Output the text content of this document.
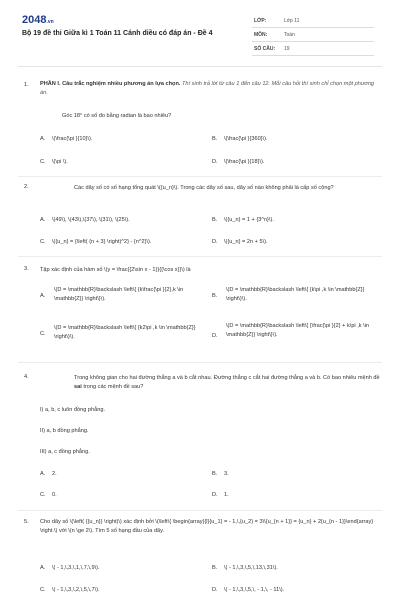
2048.vn
Bộ 19 đề thi Giữa kì 1 Toán 11 Cánh diều có đáp án - Đề 4
LỚP:	Lớp 11
MÔN:	Toán
SỐ CÂU: 19
1. PHẦN I. Câu trắc nghiệm nhiều phương án lựa chọn. Thí sinh trả lời từ câu 1 đến câu 12. Mỗi câu hỏi thí sinh chỉ chọn một phương án.
Góc 18° có số đo bằng radian là bao nhiêu?
A. \(\frac{\pi }{10}\).	B. \(\frac{\pi }{360}\).
C. \(\pi \).	D. \(\frac{\pi }{18}\).
2.	Các dãy số có số hạng tổng quát \({u_n}\). Trong các dãy số sau, dãy số nào không phải là cấp số cộng?
A. \(49\), \(43\),\(37\), \(31\), \(25\).	B. \({u_n} = 1 + {3^n}\).
C. \({u_n} = {\left( {n + 3} \right)^2} - {n^2}\).	D. \({u_n} = 2n + 5\).
3. Tập xác định của hàm số \(y = \frac{{2\sin x - 1}}{{\cos x}}\) là
A.
\(D = \mathbb{R}\backslash \left\{ {k\frac{\pi }{2},k \in \mathbb{Z}} \right\}\).	B.
\(D = \mathbb{R}\backslash \left\{ {k\pi ,k \in \mathbb{Z}} \right\}\).
C.
\(D = \mathbb{R}\backslash \left\{ {k2\pi ,k \in \mathbb{Z}} \right\}\).	D.
\(D = \mathbb{R}\backslash \left\{ {\frac{\pi }{2} + k\pi ,k \in \mathbb{Z}} \right\}\).
4.	Trong không gian cho hai đường thẳng a và b cắt nhau. Đường thẳng c cắt hai đường thẳng a và b. Có bao nhiêu mệnh đề sai trong các mệnh đề sau?
I) a, b, c luôn đồng phẳng.
II) a, b đồng phẳng.
III) a, c đồng phẳng.
A. 2.	B. 3.
C. 0.	D. 1.
5. Cho dãy số \(\left( {{u_n}} \right)\) xác định bởi \(\left\{ \begin{array}{l}{u_1} = - 1,\,{u_2} = 3\\{u_{n + 1}} = {u_n} + 2{u_{n - 1}}\end{array} \right.\) với \(n \ge 2\). Tìm 5 số hạng đầu của dãy.
A. \( - 1,\,3,\,1,\,7,\,9\).	B. \( - 1,\,3,\,5,\,13,\,31\).
C. \( - 1,\,3,\,2,\,5,\,7\).	D. \( - 1,\,3,\,5,\, - 1,\, - 11\).
